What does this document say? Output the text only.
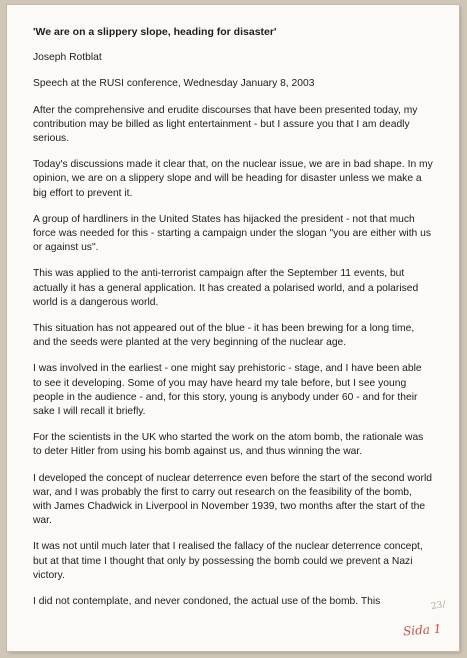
'We are on a slippery slope, heading for disaster'

Joseph Rotblat

Speech at the RUSI conference, Wednesday January 8, 2003

After the comprehensive and erudite discourses that have been presented today, my contribution may be billed as light entertainment - but I assure you that I am deadly serious.

Today's discussions made it clear that, on the nuclear issue, we are in bad shape. In my opinion, we are on a slippery slope and will be heading for disaster unless we make a big effort to prevent it.

A group of hardliners in the United States has hijacked the president - not that much force was needed for this - starting a campaign under the slogan "you are either with us or against us".

This was applied to the anti-terrorist campaign after the September 11 events, but actually it has a general application. It has created a polarised world, and a polarised world is a dangerous world.

This situation has not appeared out of the blue - it has been brewing for a long time, and the seeds were planted at the very beginning of the nuclear age.

I was involved in the earliest - one might say prehistoric - stage, and I have been able to see it developing. Some of you may have heard my tale before, but I see young people in the audience - and, for this story, young is anybody under 60 - and for their sake I will recall it briefly.

For the scientists in the UK who started the work on the atom bomb, the rationale was to deter Hitler from using his bomb against us, and thus winning the war.

I developed the concept of nuclear deterrence even before the start of the second world war, and I was probably the first to carry out research on the feasibility of the bomb, with James Chadwick in Liverpool in November 1939, two months after the start of the war.

It was not until much later that I realised the fallacy of the nuclear deterrence concept, but at that time I thought that only by possessing the bomb could we prevent a Nazi victory.

I did not contemplate, and never condoned, the actual use of the bomb. This	23/
Sida 1
